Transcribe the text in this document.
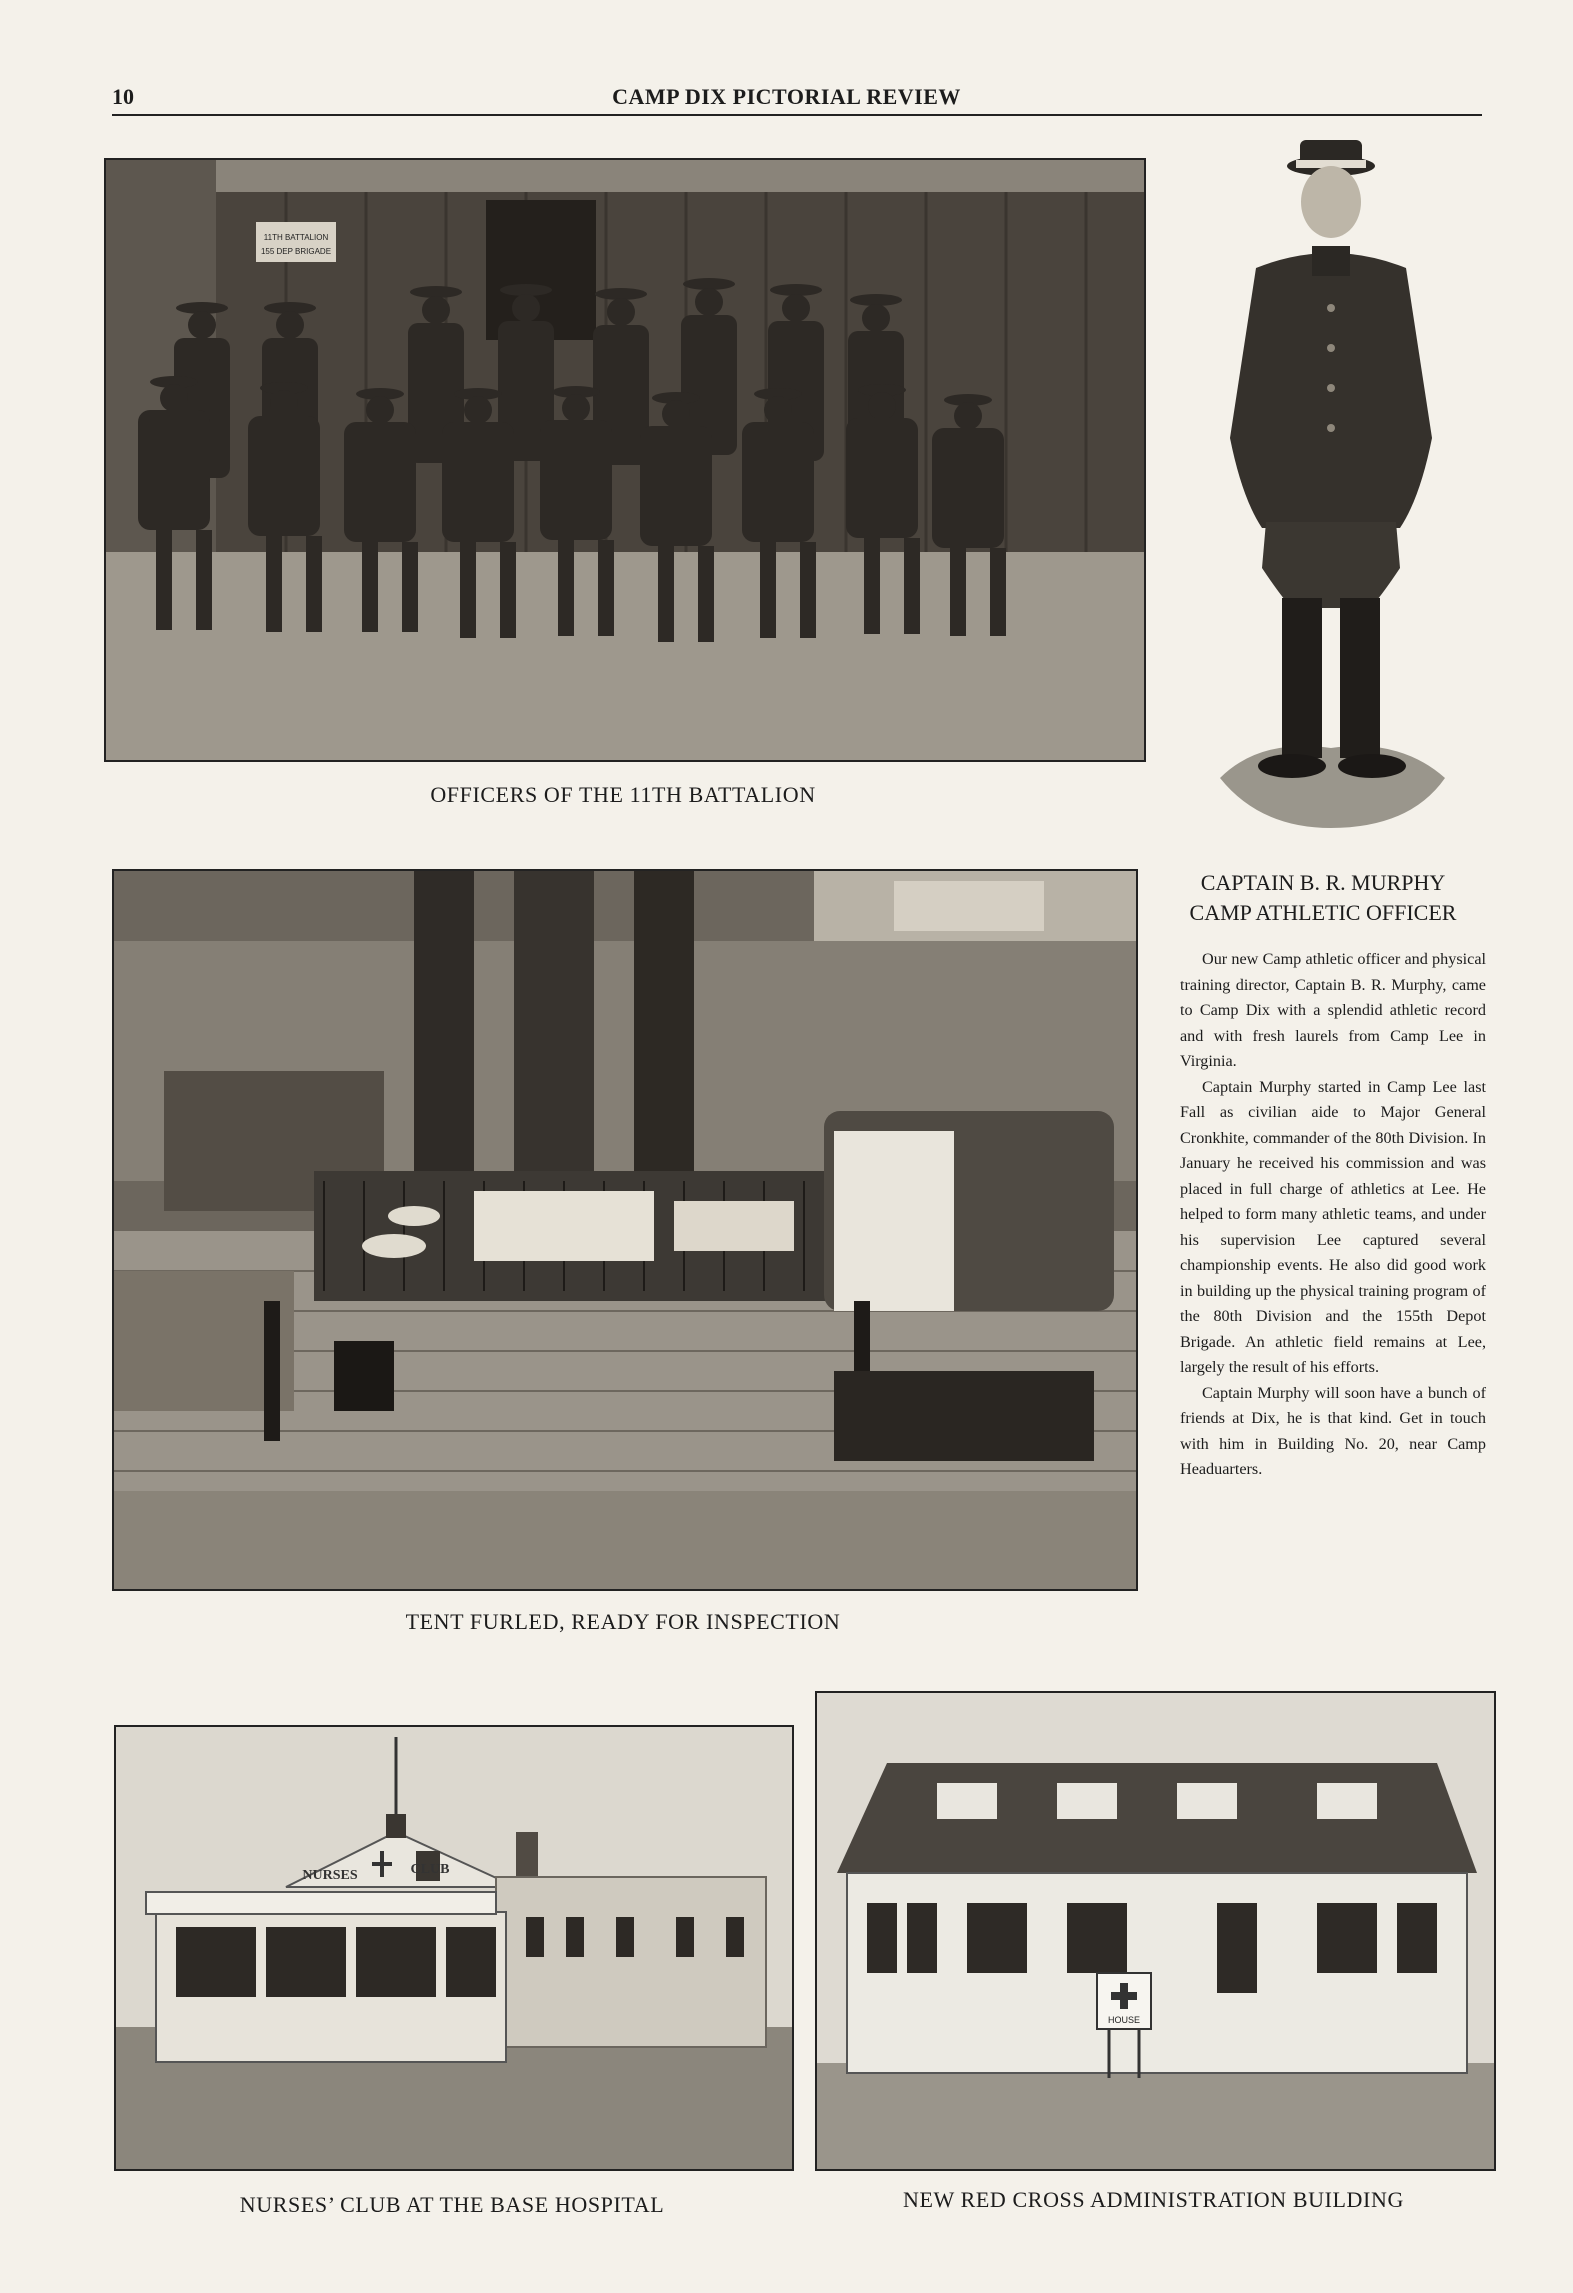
10	CAMP DIX PICTORIAL REVIEW
11TH BATTALION
155 DEP BRIGADE
OFFICERS OF THE 11TH BATTALION
CAPTAIN B. R. MURPHY
CAMP ATHLETIC OFFICER

Our new Camp athletic officer and physical training director, Captain B. R. Murphy, came to Camp Dix with a splendid athletic record and with fresh laurels from Camp Lee in Virginia.

Captain Murphy started in Camp Lee last Fall as civilian aide to Major General Cronkhite, commander of the 80th Division. In January he received his commission and was placed in full charge of athletics at Lee. He helped to form many athletic teams, and under his supervision Lee captured several championship events. He also did good work in building up the physical training program of the 80th Division and the 155th Depot Brigade. An athletic field remains at Lee, largely the result of his efforts.

Captain Murphy will soon have a bunch of friends at Dix, he is that kind. Get in touch with him in Building No. 20, near Camp Headuarters.

TENT FURLED, READY FOR INSPECTION
NURSES	CLUB
NURSES’ CLUB AT THE BASE HOSPITAL
HOUSE
NEW RED CROSS ADMINISTRATION BUILDING
